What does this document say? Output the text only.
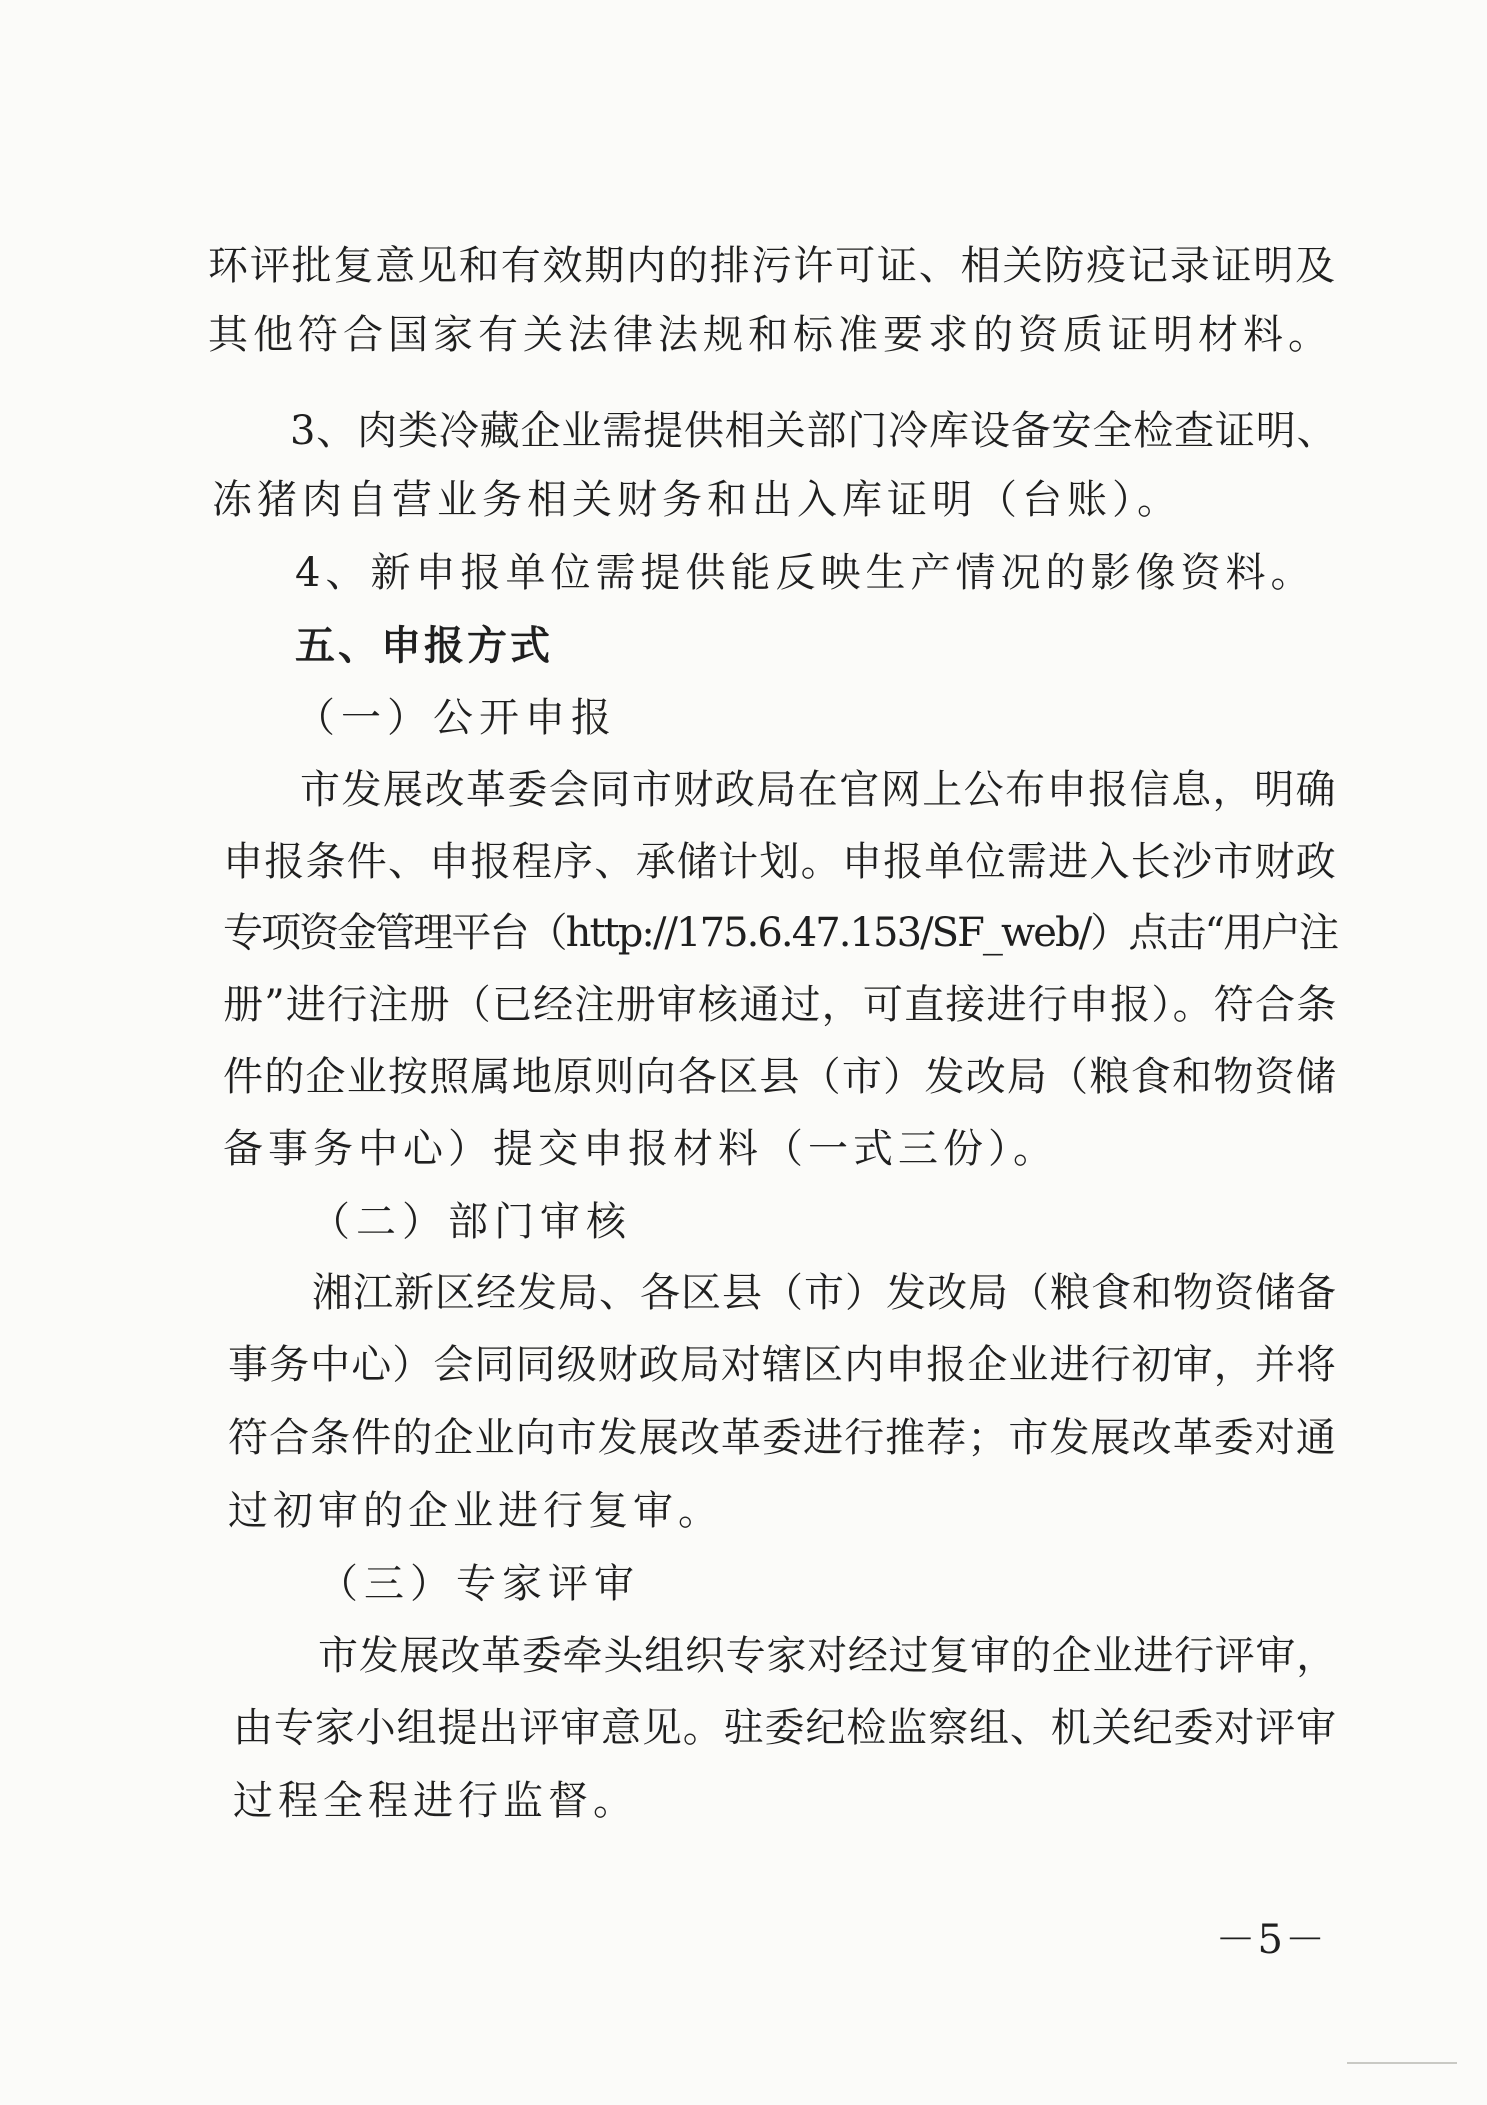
环评批复意见和有效期内的排污许可证、相关防疫记录证明及
其他符合国家有关法律法规和标准要求的资质证明材料。
3、肉类冷藏企业需提供相关部门冷库设备安全检查证明、
冻猪肉自营业务相关财务和出入库证明（台账）。
4、新申报单位需提供能反映生产情况的影像资料。
五、申报方式
（一）公开申报
市发展改革委会同市财政局在官网上公布申报信息，明确
申报条件、申报程序、承储计划。申报单位需进入长沙市财政
专项资金管理平台（http://175.6.47.153/SF_web/）点击“用户注
册”进行注册（已经注册审核通过，可直接进行申报）。符合条
件的企业按照属地原则向各区县（市）发改局（粮食和物资储
备事务中心）提交申报材料（一式三份）。
（二）部门审核
湘江新区经发局、各区县（市）发改局（粮食和物资储备
事务中心）会同同级财政局对辖区内申报企业进行初审，并将
符合条件的企业向市发展改革委进行推荐；市发展改革委对通
过初审的企业进行复审。
（三）专家评审
市发展改革委牵头组织专家对经过复审的企业进行评审，
由专家小组提出评审意见。驻委纪检监察组、机关纪委对评审
过程全程进行监督。
－5－
